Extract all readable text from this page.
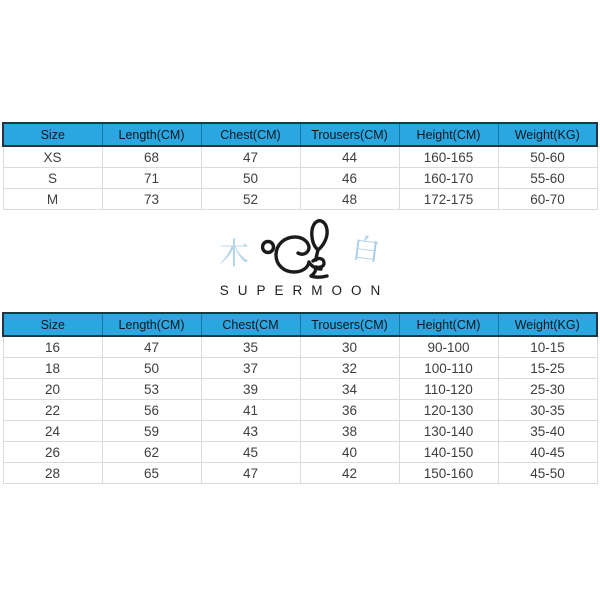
Size	Length(CM)	Chest(CM)	Trousers(CM)	Height(CM)	Weight(KG)
XS	68	47	44	160-165	50-60
S	71	50	46	160-170	55-60
M	73	52	48	172-175	60-70
木	白
SUPERMOON
Size	Length(CM)	Chest(CM	Trousers(CM)	Height(CM)	Weight(KG)
16	47	35	30	90-100	10-15
18	50	37	32	100-110	15-25
20	53	39	34	110-120	25-30
22	56	41	36	120-130	30-35
24	59	43	38	130-140	35-40
26	62	45	40	140-150	40-45
28	65	47	42	150-160	45-50
